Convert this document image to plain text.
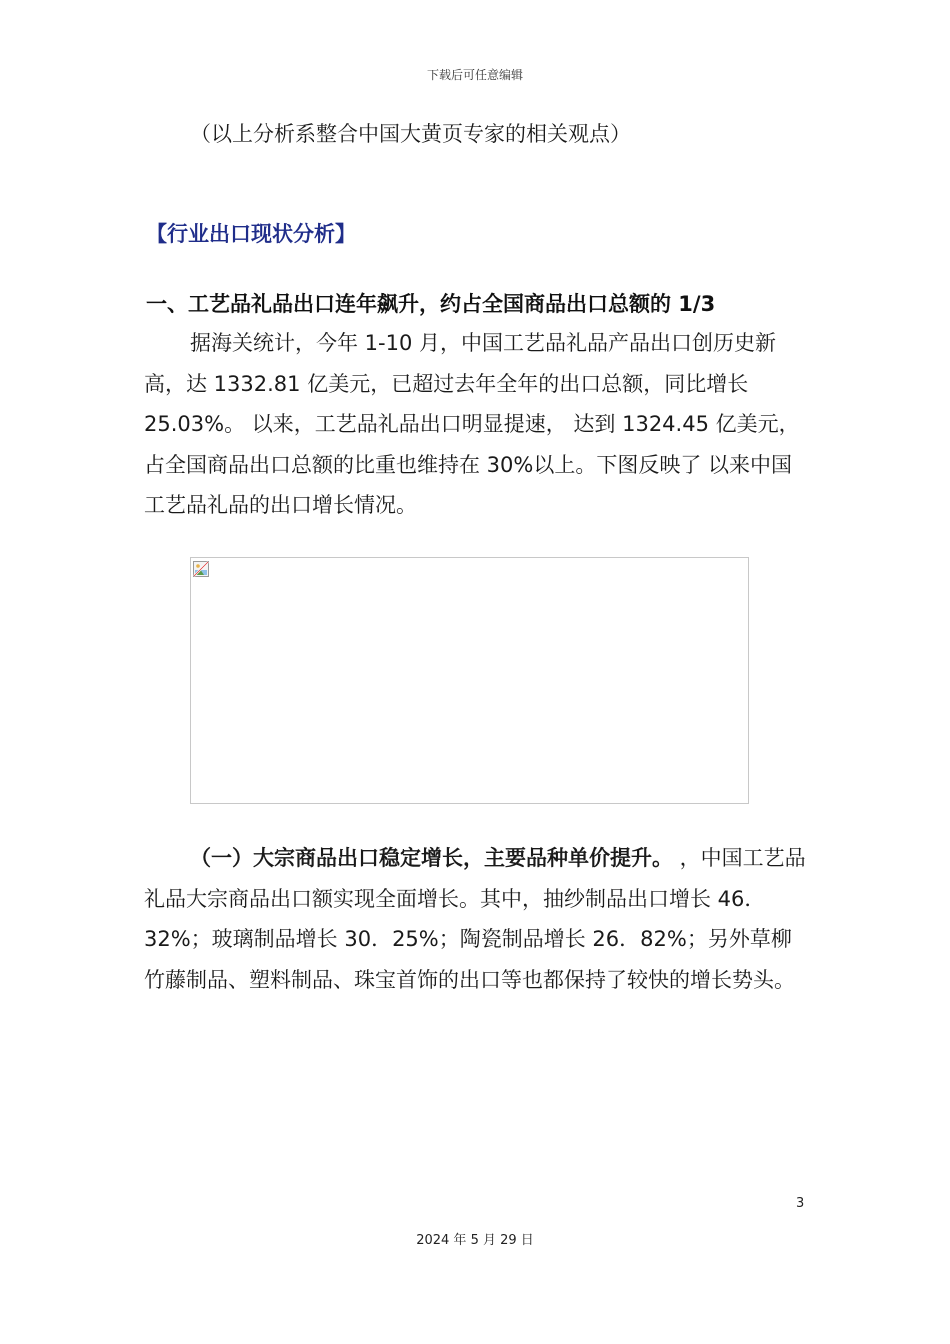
下载后可任意编辑
（以上分析系整合中国大黄页专家的相关观点）
【行业出口现状分析】
一、工艺品礼品出口连年飙升，约占全国商品出口总额的 1/3
据海关统计，今年 1-10 月，中国工艺品礼品产品出口创历史新高，达 1332.81 亿美元，已超过去年全年的出口总额，同比增长 25.03%。 以来，工艺品礼品出口明显提速， 达到 1324.45 亿美元，占全国商品出口总额的比重也维持在 30%以上。下图反映了 以来中国工艺品礼品的出口增长情况。
（一）大宗商品出口稳定增长，主要品种单价提升。 ，中国工艺品礼品大宗商品出口额实现全面增长。其中，抽纱制品出口增长 46．32%；玻璃制品增长 30．25%；陶瓷制品增长 26．82%；另外草柳竹藤制品、塑料制品、珠宝首饰的出口等也都保持了较快的增长势头。
3
2024 年 5 月 29 日
